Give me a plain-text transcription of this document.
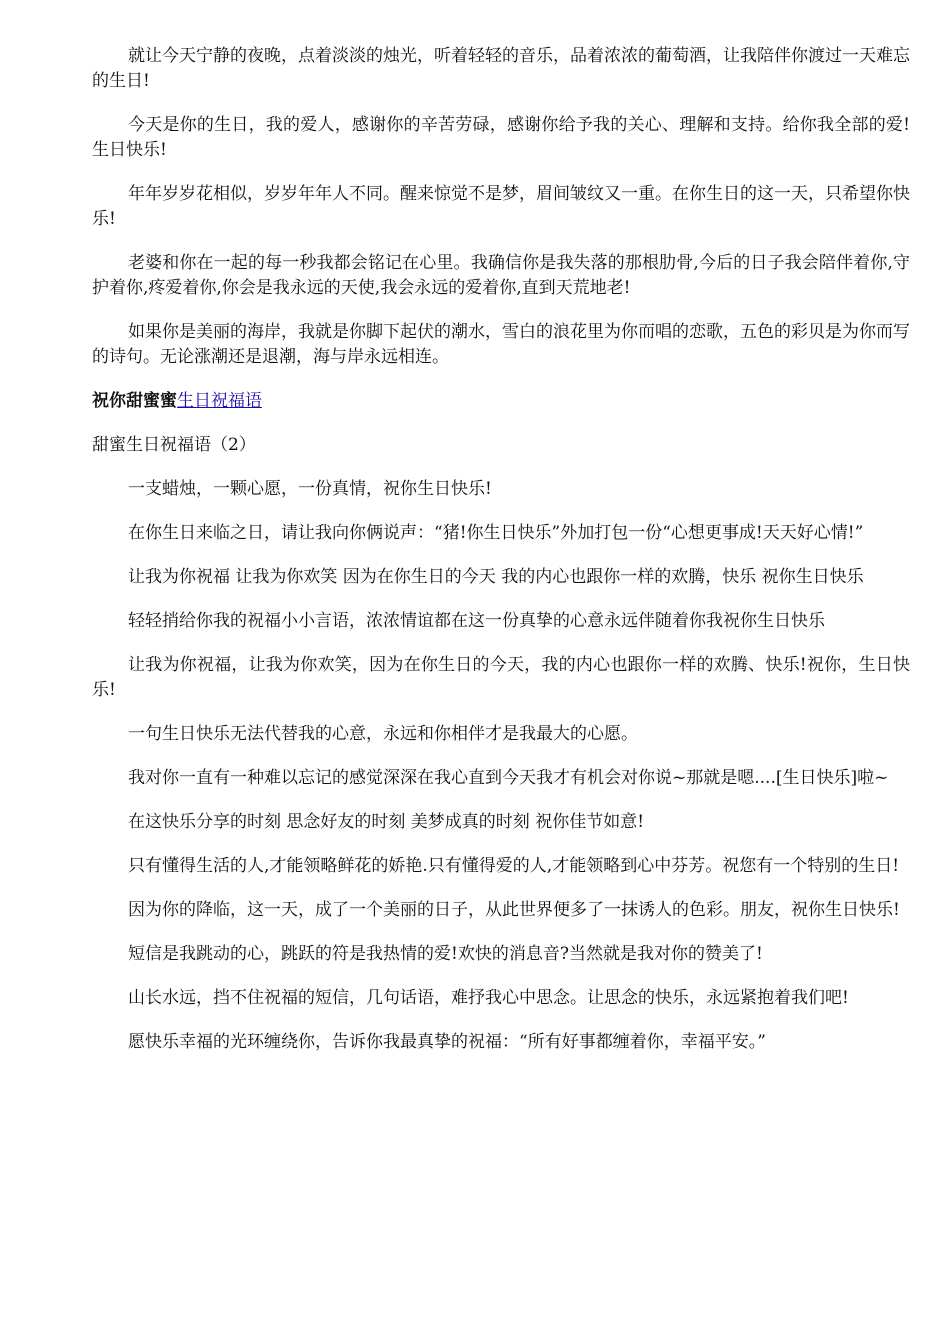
就让今天宁静的夜晚，点着淡淡的烛光，听着轻轻的音乐，品着浓浓的葡萄酒，让我陪伴你渡过一天难忘的生日!

今天是你的生日，我的爱人，感谢你的辛苦劳碌，感谢你给予我的关心、理解和支持。给你我全部的爱!生日快乐!

年年岁岁花相似，岁岁年年人不同。醒来惊觉不是梦，眉间皱纹又一重。在你生日的这一天，只希望你快乐!

老婆和你在一起的每一秒我都会铭记在心里。我确信你是我失落的那根肋骨,今后的日子我会陪伴着你,守护着你,疼爱着你,你会是我永远的天使,我会永远的爱着你,直到天荒地老!

如果你是美丽的海岸，我就是你脚下起伏的潮水，雪白的浪花里为你而唱的恋歌，五色的彩贝是为你而写的诗句。无论涨潮还是退潮，海与岸永远相连。

祝你甜蜜蜜生日祝福语

甜蜜生日祝福语（2）

一支蜡烛，一颗心愿，一份真情，祝你生日快乐!

在你生日来临之日，请让我向你俩说声：“猪!你生日快乐”外加打包一份“心想更事成!天天好心情!”

让我为你祝福 让我为你欢笑 因为在你生日的今天 我的内心也跟你一样的欢腾，快乐 祝你生日快乐

轻轻捎给你我的祝福小小言语，浓浓情谊都在这一份真挚的心意永远伴随着你我祝你生日快乐

让我为你祝福，让我为你欢笑，因为在你生日的今天，我的内心也跟你一样的欢腾、快乐!祝你，生日快乐!

一句生日快乐无法代替我的心意，永远和你相伴才是我最大的心愿。

我对你一直有一种难以忘记的感觉深深在我心直到今天我才有机会对你说~那就是嗯....[生日快乐]啦~

在这快乐分享的时刻 思念好友的时刻 美梦成真的时刻 祝你佳节如意!

只有懂得生活的人,才能领略鲜花的娇艳.只有懂得爱的人,才能领略到心中芬芳。祝您有一个特别的生日!

因为你的降临，这一天，成了一个美丽的日子，从此世界便多了一抹诱人的色彩。朋友，祝你生日快乐!

短信是我跳动的心，跳跃的符是我热情的爱!欢快的消息音?当然就是我对你的赞美了!

山长水远，挡不住祝福的短信，几句话语，难抒我心中思念。让思念的快乐，永远紧抱着我们吧!

愿快乐幸福的光环缠绕你，告诉你我最真挚的祝福：“所有好事都缠着你，幸福平安。”
